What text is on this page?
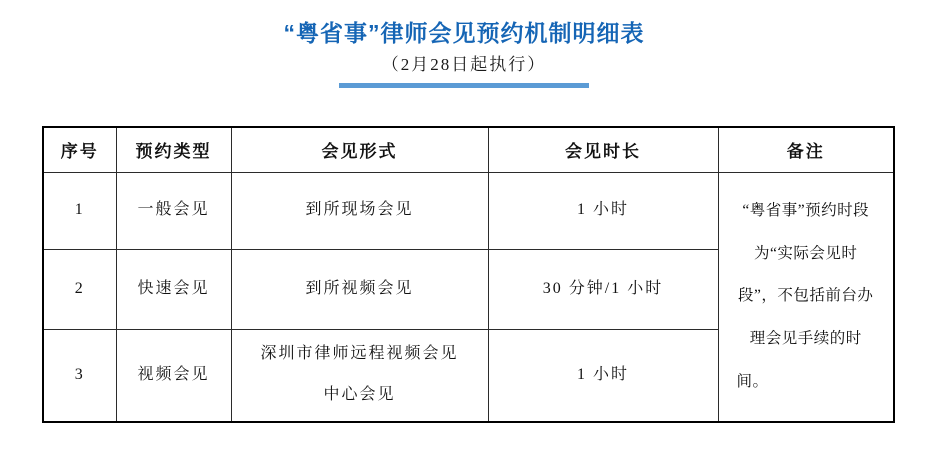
“粤省事”律师会见预约机制明细表
（2月28日起执行）
序号	预约类型	会见形式	会见时长	备注
1	一般会见	到所现场会见	1 小时	“粤省事”预约时段为“实际会见时段”，不包括前台办理会见手续的时间。
2	快速会见	到所视频会见	30 分钟/1 小时	
3	视频会见	深圳市律师远程视频会见中心会见	1 小时	
